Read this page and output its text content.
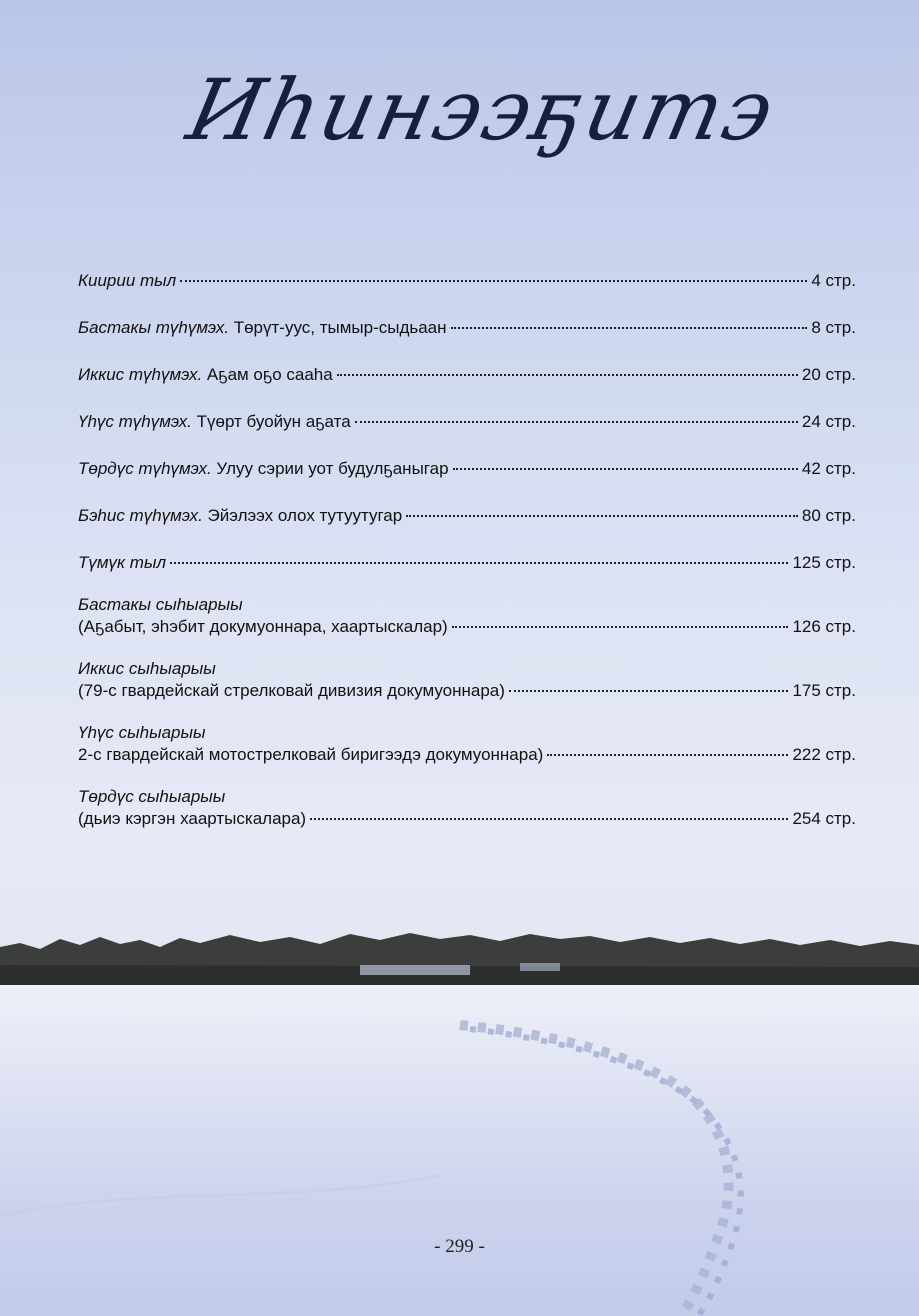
Иһинээҕитэ
Киирии тыл	4 стр.
Бастакы түһүмэх. Төрүт-уус, тымыр-сыдьаан	8 стр.
Иккис түһүмэх. Аҕам оҕо сааһа	20 стр.
Үһүс түһүмэх. Түөрт буойун аҕата	24 стр.
Төрдүс түһүмэх. Улуу сэрии уот будулҕаныгар	42 стр.
Бэһис түһүмэх. Эйэлээх олох тутуутугар	80 стр.
Түмүк тыл	125 стр.
Бастакы сыһыарыы
(Аҕабыт, эһэбит докумуоннара, хаартыскалар)	126 стр.
Иккис сыһыарыы
(79-с гвардейскай стрелковай дивизия докумуоннара)	175 стр.
Үһүс сыһыарыы
2-с гвардейскай мотострелковай биригээдэ докумуоннара)	222 стр.
Төрдүс сыһыарыы
(дьиэ кэргэн хаартыскалара)	254 стр.
- 299 -
